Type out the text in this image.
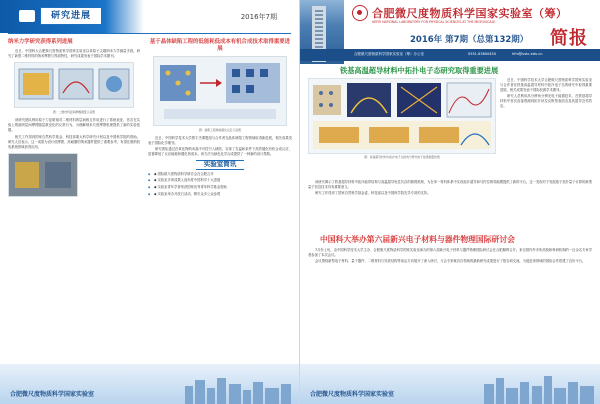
研究进展	2016年7期
纳米力学研究获得系列进展

近日，中国科大合肥微尺度物质科学国家实验室以单原子尖端纳米力学测量手段，研究了新型二维材料的纳米摩擦与界面特性，研究成果发表于国际学术期刊。

图：二维材料层间摩擦测量示意图

该研究团队利用原子力显微镜对二维材料的层间相互作用进行了系统表征，首次在实验上观测到层间摩擦随层数变化的反常行为，为理解纳米尺度摩擦机理提供了新的实验依据。

相关工作得到国家自然科学基金、科技部重大科学研究计划以及中国科学院的资助。研究人员表示，这一成果为设计低摩擦、高耐磨的纳米器件提供了重要参考，有望在微纳机电系统领域获得应用。

基于晶体缺陷工程的低能耗低成本有机合成技术取得重要进展
图：缺陷工程调控催化反应示意图

近日，中国科学技术大学熊宇杰课题组与合作者在晶体缺陷工程领域取得新进展，相关成果发表于国际化学期刊。

研究团队通过在氧化物纳米晶中可控引入缺陷，实现了在温和条件下高效催化有机合成反应，显著降低了反应能耗和催化剂成本。该方法为绿色化学合成提供了一种新的设计思路。

实验室简讯
◆ ◆ 国际微尺度物质科学研讨会在合肥召开
◆ ◆ 实验室多项成果入选年度中国科学十大进展
◆ ◆ 实验室青年学者荣获国家优秀青年科学基金资助
◆ ◆ 实验室举办开放日活动，吸引众多公众参观
合肥微尺度物质科学国家实验室
合肥微尺度物质科学国家实验室（筹）
HEFEI NATIONAL LABORATORY FOR PHYSICAL SCIENCES AT THE MICROSCALE
2016年 第7期（总第132期） 简报
合肥微尺度物质科学国家实验室（筹）办公室	0551-63600450	hfnl@ustc.edu.cn
铁基高温超导材料中拓扑电子态研究取得重要进展
图：铁基超导材料中拓扑电子态的角分辨光电子能谱测量结果

近日，中国科学技术大学合肥微尺度物质科学国家实验室与合作者在铁基高温超导材料中拓扑电子态的研究中取得重要进展，相关成果发表于国际权威学术期刊。

研究人员利用高分辨角分辨光电子能谱技术，在铁基超导材料中首次直接观测到拓扑狄拉克锥型表面态及其超导近邻效应。

该研究揭示了铁基超导材料中拓扑能带结构与高温超导电性共存的微观机制，为在单一材料体系中实现拓扑超导和马约拉纳零能模提供了新的平台。这一发现对于发展基于拓扑量子计算的新型量子信息技术具有重要意义。

研究工作得到了国家自然科学基金委、科技部以及中国科学院先导专项的支持。

中国科大举办第六届新兴电子材料与器件物理国际研讨会

7月份上旬，由中国科学技术大学主办、合肥微尺度物质科学国家实验室承办的第六届新兴电子材料与器件物理国际研讨会在合肥顺利召开。来自国内外多所高校和科研机构的一百余名专家学者参加了本次会议。

会议围绕新型电子材料、量子器件、二维材料与异质结构等前沿方向展开了深入研讨，与会专家就各自领域的最新研究成果进行了报告和交流，为促进该领域的国际合作搭建了良好平台。

合肥微尺度物质科学国家实验室
